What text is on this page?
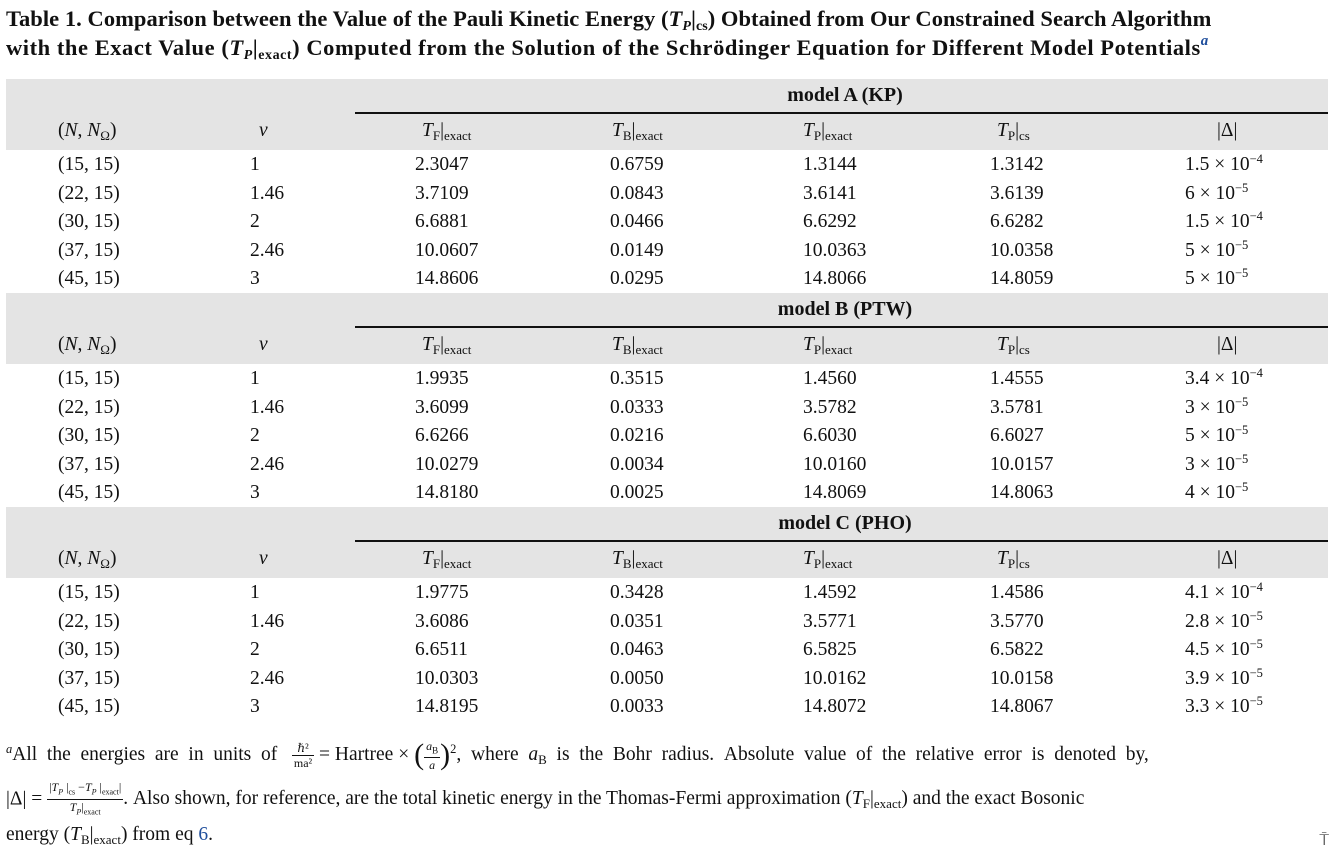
Table 1. Comparison between the Value of the Pauli Kinetic Energy $(T_P|_{cs})$ Obtained from Our Constrained Search Algorithm
with the Exact Value $(T_P|_{exact})$ Computed from the Solution of the Schrödinger Equation for Different Model Potentials$^a$
model A (KP)
(N, $N_\Omega$)	ν	$T_F|_{exact}$	$T_B|_{exact}$	$T_P|_{exact}$	$T_P|_{cs}$	|Δ|
(15, 15)	1	2.3047	0.6759	1.3144	1.3142	$1.5 \times 10^{-4}$
(22, 15)	1.46	3.7109	0.0843	3.6141	3.6139	$6 \times 10^{-5}$
(30, 15)	2	6.6881	0.0466	6.6292	6.6282	$1.5 \times 10^{-4}$
(37, 15)	2.46	10.0607	0.0149	10.0363	10.0358	$5 \times 10^{-5}$
(45, 15)	3	14.8606	0.0295	14.8066	14.8059	$5 \times 10^{-5}$
model B (PTW)
(N, $N_\Omega$)	ν	$T_F|_{exact}$	$T_B|_{exact}$	$T_P|_{exact}$	$T_P|_{cs}$	|Δ|
(15, 15)	1	1.9935	0.3515	1.4560	1.4555	$3.4 \times 10^{-4}$
(22, 15)	1.46	3.6099	0.0333	3.5782	3.5781	$3 \times 10^{-5}$
(30, 15)	2	6.6266	0.0216	6.6030	6.6027	$5 \times 10^{-5}$
(37, 15)	2.46	10.0279	0.0034	10.0160	10.0157	$3 \times 10^{-5}$
(45, 15)	3	14.8180	0.0025	14.8069	14.8063	$4 \times 10^{-5}$
model C (PHO)
(N, $N_\Omega$)	ν	$T_F|_{exact}$	$T_B|_{exact}$	$T_P|_{exact}$	$T_P|_{cs}$	|Δ|
(15, 15)	1	1.9775	0.3428	1.4592	1.4586	$4.1 \times 10^{-4}$
(22, 15)	1.46	3.6086	0.0351	3.5771	3.5770	$2.8 \times 10^{-5}$
(30, 15)	2	6.6511	0.0463	6.5825	6.5822	$4.5 \times 10^{-5}$
(37, 15)	2.46	10.0303	0.0050	10.0162	10.0158	$3.9 \times 10^{-5}$
(45, 15)	3	14.8195	0.0033	14.8072	14.8067	$3.3 \times 10^{-5}$
$^a$All  the  energies  are  in  units  of $\frac{\text{ℏ²}}{\text{ma²}}$ = Hartree × ( $\frac{a_B}{a} )^2$,  where  $a_B$  is  the  Bohr  radius.  Absolute  value  of  the  relative  error  is  denoted  by,
$|\Delta| = \frac{|T_P |_{cs} -T_P |_{exact}|}{T_P|_{exact}}$ . Also shown, for reference, are the total kinetic energy in the Thomas-Fermi approximation $(T_F|_{exact})$ and the exact Bosonic
energy $(T_B|_{exact})$ from eq 6.	⍑
